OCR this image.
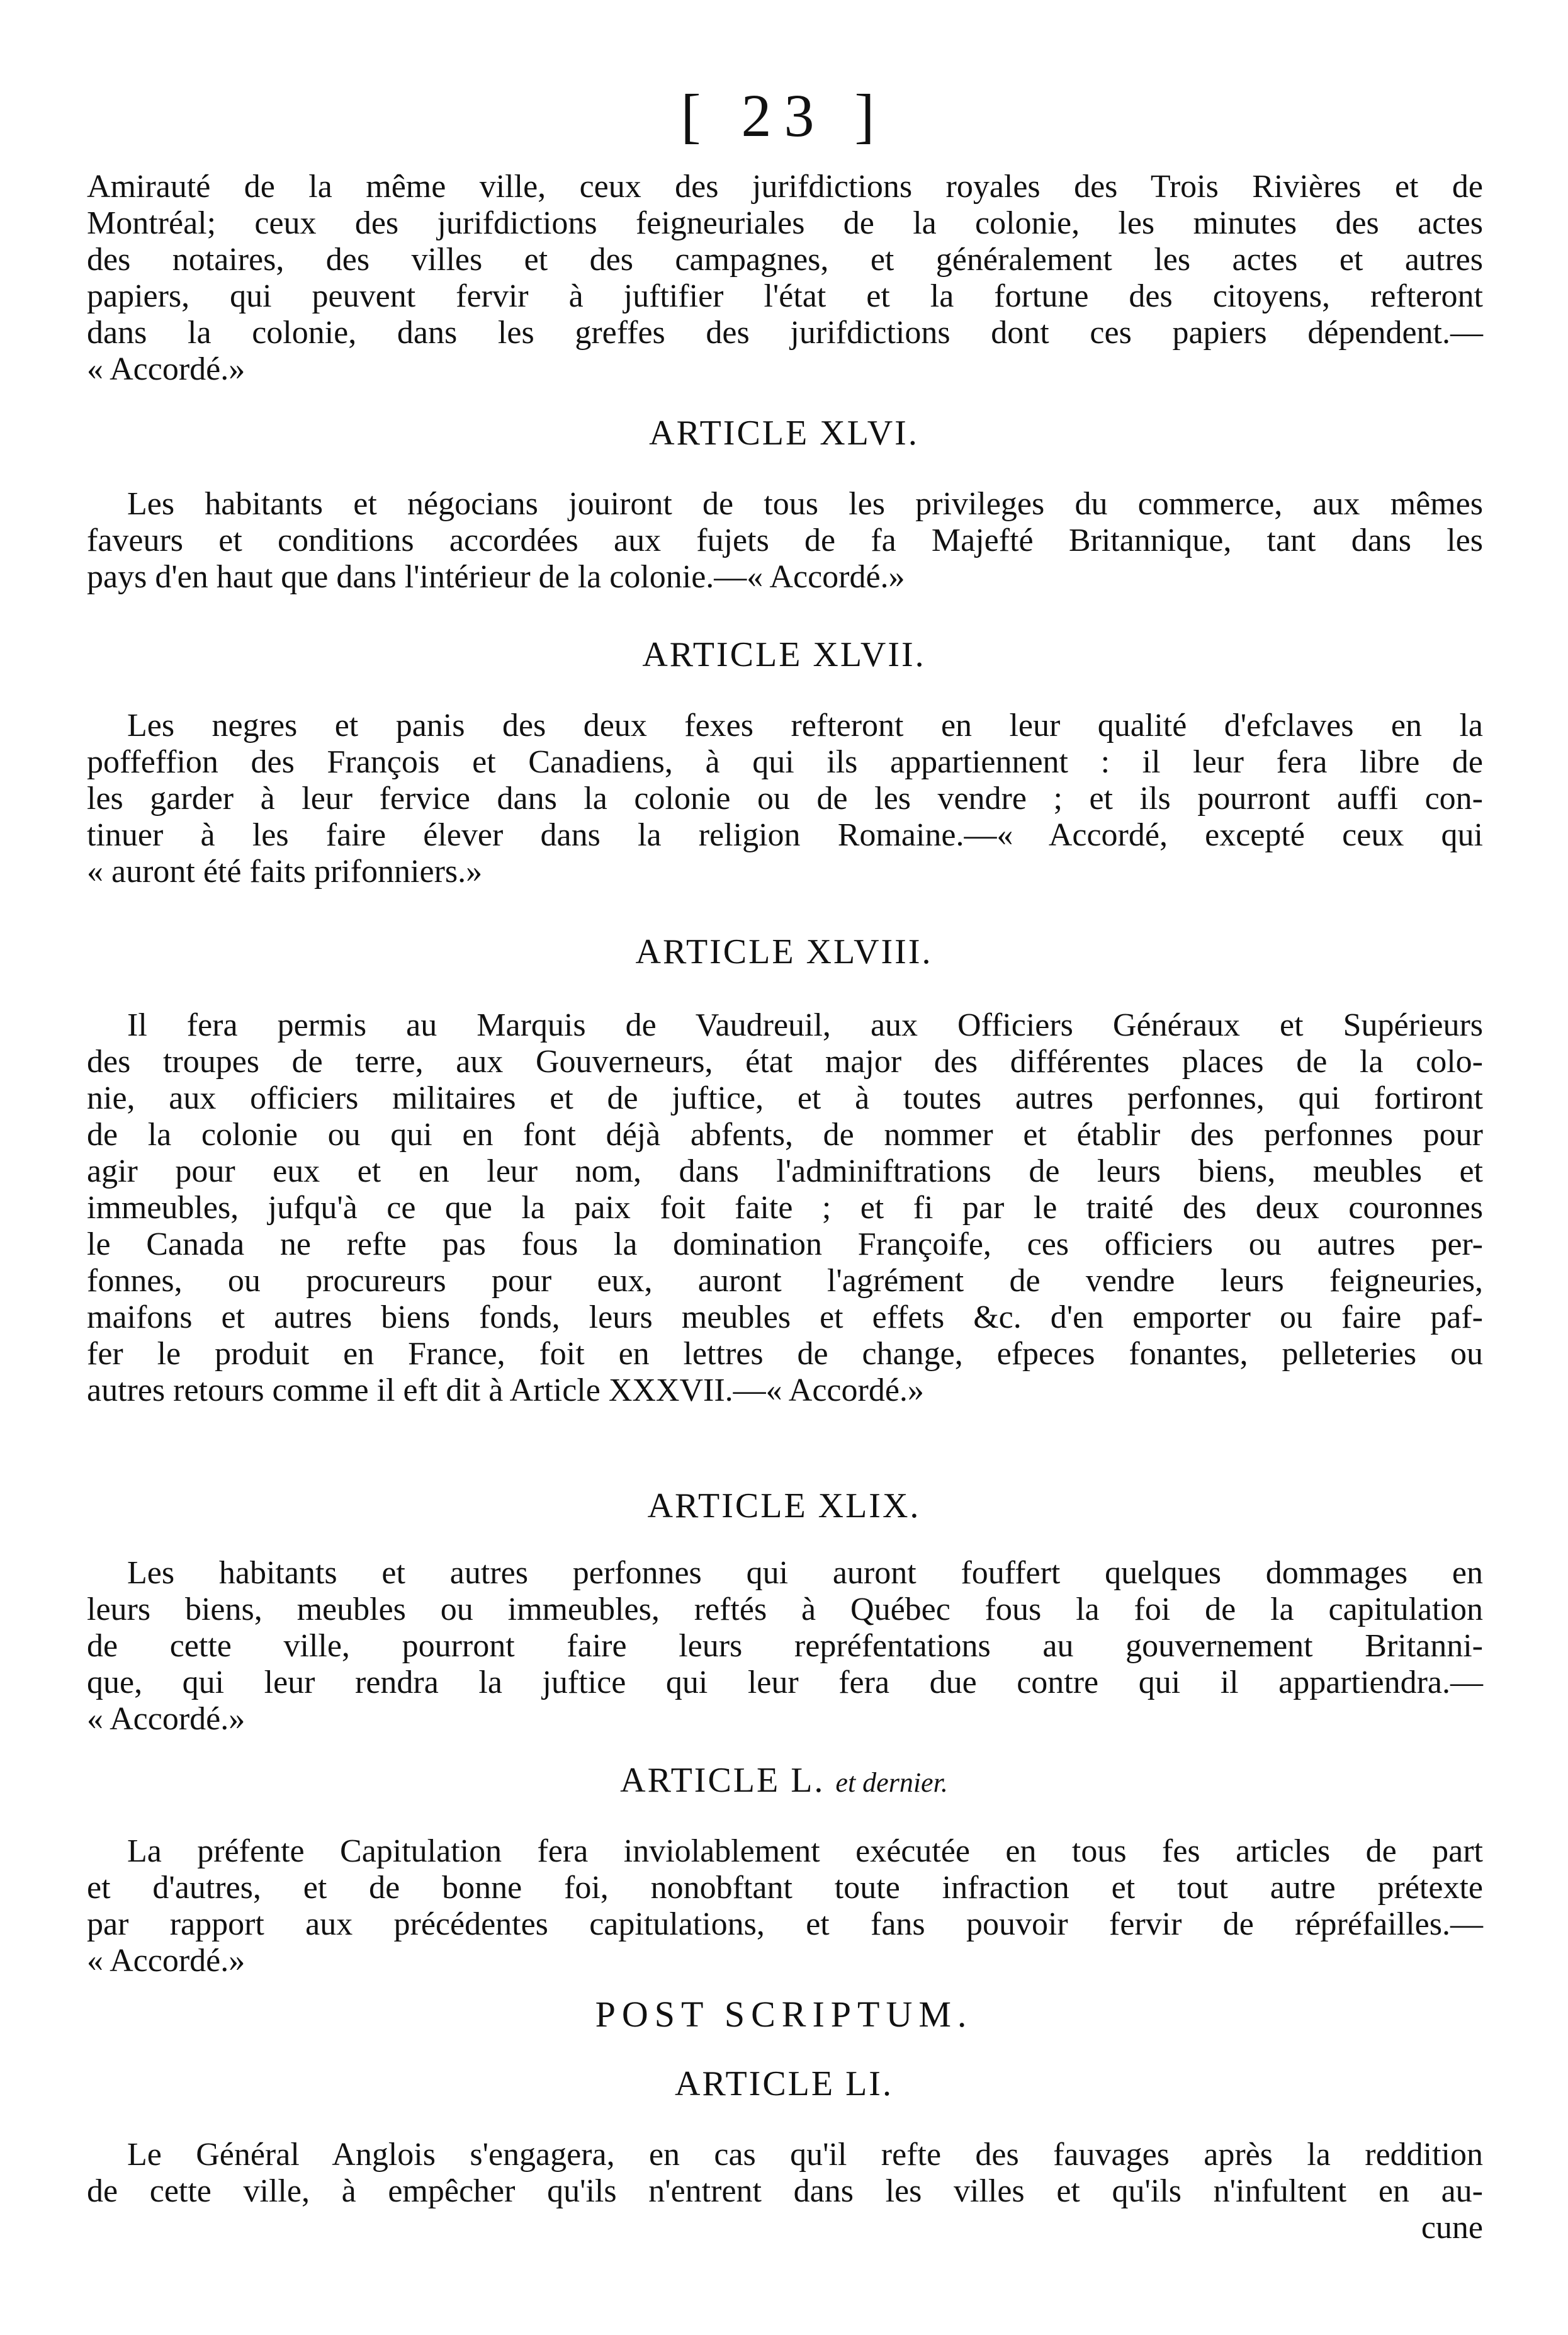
[ 23 ]
Amirauté de la même ville, ceux des jurifdictions royales des Trois Rivières et de
Montréal; ceux des jurifdictions feigneuriales de la colonie, les minutes des actes
des notaires, des villes et des campagnes, et généralement les actes et autres
papiers, qui peuvent fervir à juftifier l'état et la fortune des citoyens, refteront
dans la colonie, dans les greffes des jurifdictions dont ces papiers dépendent.—
« Accordé.»
ARTICLE XLVI.
Les habitants et négocians jouiront de tous les privileges du commerce, aux mêmes
faveurs et conditions accordées aux fujets de fa Majefté Britannique, tant dans les
pays d'en haut que dans l'intérieur de la colonie.—« Accordé.»
ARTICLE XLVII.
Les negres et panis des deux fexes refteront en leur qualité d'efclaves en la
poffeffion des François et Canadiens, à qui ils appartiennent : il leur fera libre de
les garder à leur fervice dans la colonie ou de les vendre ; et ils pourront auffi con-
tinuer à les faire élever dans la religion Romaine.—« Accordé, excepté ceux qui
« auront été faits prifonniers.»
ARTICLE XLVIII.
Il fera permis au Marquis de Vaudreuil, aux Officiers Généraux et Supérieurs
des troupes de terre, aux Gouverneurs, état major des différentes places de la colo-
nie, aux officiers militaires et de juftice, et à toutes autres perfonnes, qui fortiront
de la colonie ou qui en font déjà abfents, de nommer et établir des perfonnes pour
agir pour eux et en leur nom, dans l'adminiftrations de leurs biens, meubles et
immeubles, jufqu'à ce que la paix foit faite ; et fi par le traité des deux couronnes
le Canada ne refte pas fous la domination Françoife, ces officiers ou autres per-
fonnes, ou procureurs pour eux, auront l'agrément de vendre leurs feigneuries,
maifons et autres biens fonds, leurs meubles et effets &c. d'en emporter ou faire paf-
fer le produit en France, foit en lettres de change, efpeces fonantes, pelleteries ou
autres retours comme il eft dit à Article XXXVII.—« Accordé.»
ARTICLE XLIX.
Les habitants et autres perfonnes qui auront fouffert quelques dommages en
leurs biens, meubles ou immeubles, reftés à Québec fous la foi de la capitulation
de cette ville, pourront faire leurs repréfentations au gouvernement Britanni-
que, qui leur rendra la juftice qui leur fera due contre qui il appartiendra.—
« Accordé.»
ARTICLE L. et dernier.
La préfente Capitulation fera inviolablement exécutée en tous fes articles de part
et d'autres, et de bonne foi, nonobftant toute infraction et tout autre prétexte
par rapport aux précédentes capitulations, et fans pouvoir fervir de répréfailles.—
« Accordé.»
POST SCRIPTUM.
ARTICLE LI.
Le Général Anglois s'engagera, en cas qu'il refte des fauvages après la reddition
de cette ville, à empêcher qu'ils n'entrent dans les villes et qu'ils n'infultent en au-
cune
